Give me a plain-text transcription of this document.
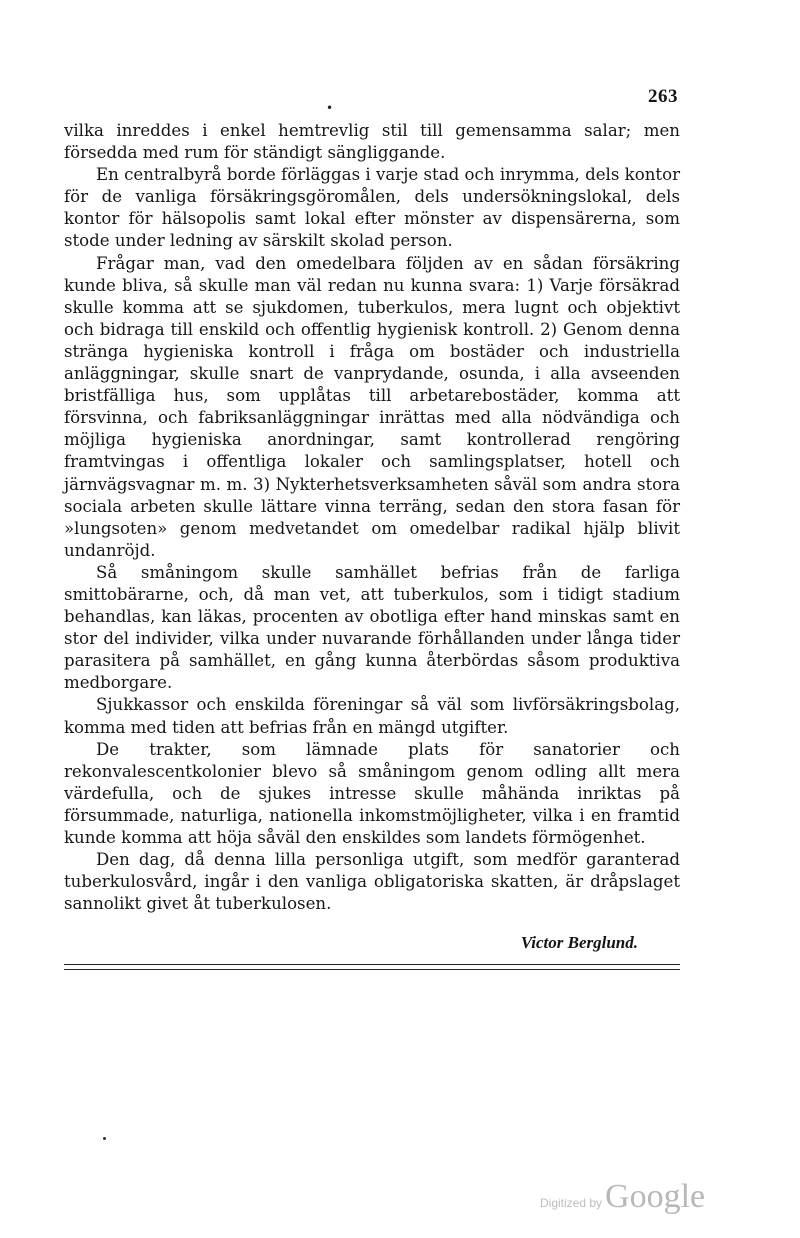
263
•

vilka inreddes i enkel hemtrevlig stil till gemensamma salar; men försedda med rum för ständigt sängliggande.

En centralbyrå borde förläggas i varje stad och inrymma, dels kontor för de vanliga försäkringsgöromålen, dels undersökningslokal, dels kontor för hälsopolis samt lokal efter mönster av dispensärerna, som stode under ledning av särskilt skolad person.

Frågar man, vad den omedelbara följden av en sådan försäkring kunde bliva, så skulle man väl redan nu kunna svara: 1) Varje försäkrad skulle komma att se sjukdomen, tuberkulos, mera lugnt och objektivt och bidraga till enskild och offentlig hygienisk kontroll. 2) Genom denna stränga hygieniska kontroll i fråga om bostäder och industriella anläggningar, skulle snart de vanprydande, osunda, i alla avseenden bristfälliga hus, som upplåtas till arbetarebostäder, komma att försvinna, och fabriksanläggningar inrättas med alla nödvändiga och möjliga hygieniska anordningar, samt kontrollerad rengöring framtvingas i offentliga lokaler och samlingsplatser, hotell och järnvägsvagnar m. m. 3) Nykterhetsverksamheten såväl som andra stora sociala arbeten skulle lättare vinna terräng, sedan den stora fasan för »lungsoten» genom medvetandet om omedelbar radikal hjälp blivit undanröjd.

Så småningom skulle samhället befrias från de farliga smittobärarne, och, då man vet, att tuberkulos, som i tidigt stadium behandlas, kan läkas, procenten av obotliga efter hand minskas samt en stor del individer, vilka under nuvarande förhållanden under långa tider parasitera på samhället, en gång kunna återbördas såsom produktiva medborgare.

Sjukkassor och enskilda föreningar så väl som livförsäkringsbolag, komma med tiden att befrias från en mängd utgifter.

De trakter, som lämnade plats för sanatorier och rekonvalescentkolonier blevo så småningom genom odling allt mera värdefulla, och de sjukes intresse skulle måhända inriktas på försummade, naturliga, nationella inkomstmöjligheter, vilka i en framtid kunde komma att höja såväl den enskildes som landets förmögenhet.

Den dag, då denna lilla personliga utgift, som medför garanterad tuberkulosvård, ingår i den vanliga obligatoriska skatten, är dråpslaget sannolikt givet åt tuberkulosen.

Victor Berglund.
Digitized by Google
